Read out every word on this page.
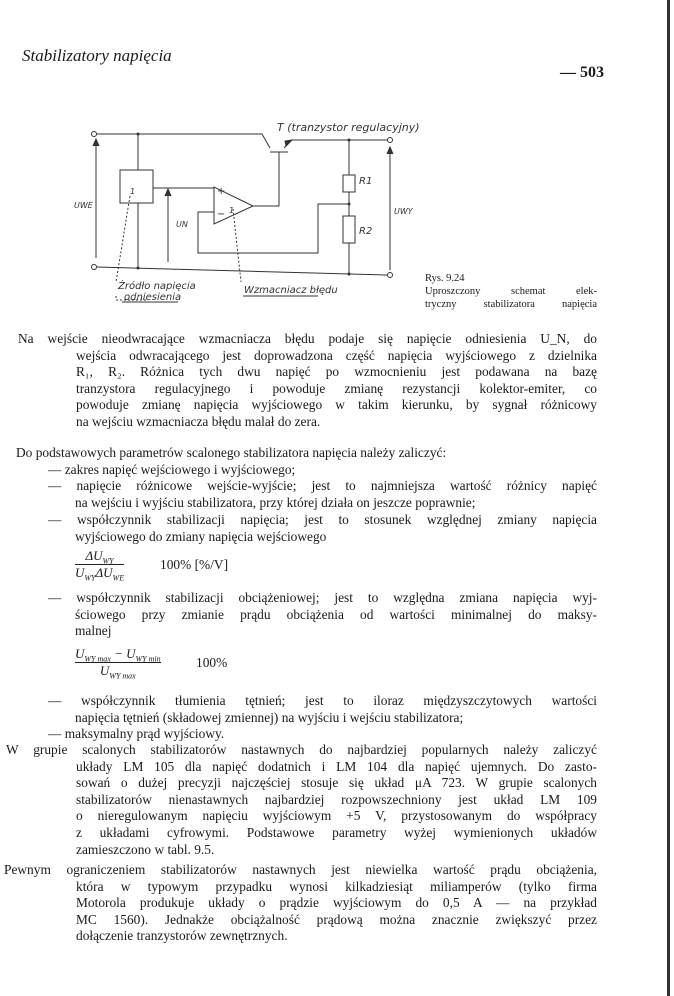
Stabilizatory napięcia
— 503
T (tranzystor regulacyjny)
R1
R2
UWE
UN
UWY
+
− 1
1
Źródło napięcia
odniesienia
Wzmacniacz błędu
Rys. 9.24
Uproszczony schemat elek-
tryczny stabilizatora napięcia
Na wejście nieodwracające wzmacniacza błędu podaje się napięcie odniesienia U_N, do
wejścia odwracającego jest doprowadzona część napięcia wyjściowego z dzielnika
R₁, R₂. Różnica tych dwu napięć po wzmocnieniu jest podawana na bazę
tranzystora regulacyjnego i powoduje zmianę rezystancji kolektor-emiter, co
powoduje zmianę napięcia wyjściowego w takim kierunku, by sygnał różnicowy
na wejściu wzmacniacza błędu malał do zera.
Do podstawowych parametrów scalonego stabilizatora napięcia należy zaliczyć:
— zakres napięć wejściowego i wyjściowego;
— napięcie różnicowe wejście-wyjście; jest to najmniejsza wartość różnicy napięć
na wejściu i wyjściu stabilizatora, przy której działa on jeszcze poprawnie;
— współczynnik stabilizacji napięcia; jest to stosunek względnej zmiany napięcia
wyjściowego do zmiany napięcia wejściowego
— współczynnik stabilizacji obciążeniowej; jest to względna zmiana napięcia wyj-
ściowego przy zmianie prądu obciążenia od wartości minimalnej do maksy-
malnej
— współczynnik tłumienia tętnień; jest to iloraz międzyszczytowych wartości
napięcia tętnień (składowej zmiennej) na wyjściu i wejściu stabilizatora;
— maksymalny prąd wyjściowy.
W grupie scalonych stabilizatorów nastawnych do najbardziej popularnych należy zaliczyć
układy LM 105 dla napięć dodatnich i LM 104 dla napięć ujemnych. Do zasto-
sowań o dużej precyzji najczęściej stosuje się układ μA 723. W grupie scalonych
stabilizatorów nienastawnych najbardziej rozpowszechniony jest układ LM 109
o nieregulowanym napięciu wyjściowym +5 V, przystosowanym do współpracy
z układami cyfrowymi. Podstawowe parametry wyżej wymienionych układów
zamieszczono w tabl. 9.5.
Pewnym ograniczeniem stabilizatorów nastawnych jest niewielka wartość prądu obciążenia,
która w typowym przypadku wynosi kilkadziesiąt miliamperów (tylko firma
Motorola produkuje układy o prądzie wyjściowym do 0,5 A — na przykład
MC 1560). Jednakże obciążalność prądową można znacznie zwiększyć przez
dołączenie tranzystorów zewnętrznych.
$\Delta U_{WY}$
$U_{WY}\Delta U_{WE}$
100% [%/V]
$U_{WY max} - U_{WY min}$
$U_{WY max}$
100%
